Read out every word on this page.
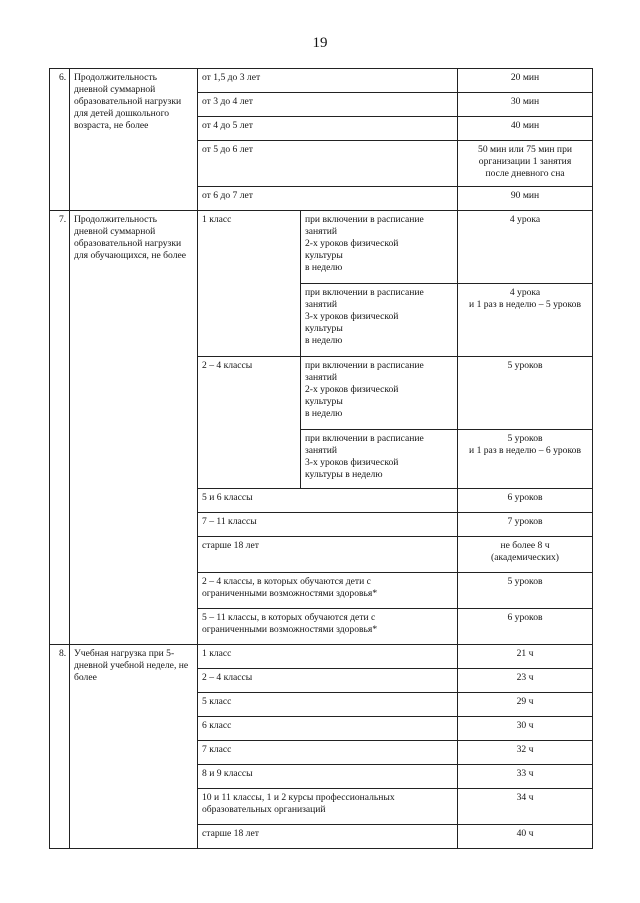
19
6.	Продолжительность дневной суммарной образовательной нагрузки для детей дошкольного возраста, не более	от 1,5 до 3 лет		20 мин
		от 3 до 4 лет		30 мин
		от 4 до 5 лет		40 мин
		от 5 до 6 лет		50 мин или 75 мин при
организации 1 занятия
после дневного сна
		от 6 до 7 лет		90 мин
7.	Продолжительность дневной суммарной образовательной нагрузки для обучающихся, не более	1 класс	при включении в расписание
занятий
2-х уроков физической
культуры
в неделю	4 урока
			при включении в расписание
занятий
3-х уроков физической
культуры
в неделю	4 урока
и 1 раз в неделю – 5 уроков
		2 – 4 классы	при включении в расписание
занятий
2-х уроков физической
культуры
в неделю	5 уроков
			при включении в расписание
занятий
3-х уроков физической
культуры в неделю	5 уроков
и 1 раз в неделю – 6 уроков
		5 и 6 классы		6 уроков
		7 – 11 классы		7 уроков
		старше 18 лет		не более 8 ч
(академических)
		2 – 4 классы, в которых обучаются дети с
ограниченными возможностями здоровья*		5 уроков
		5 – 11 классы, в которых обучаются дети с
ограниченными возможностями здоровья*		6 уроков
8.	Учебная нагрузка при 5-дневной учебной неделе, не более	1 класс		21 ч
		2 – 4 классы		23 ч
		5 класс		29 ч
		6 класс		30 ч
		7 класс		32 ч
		8 и 9 классы		33 ч
		10 и 11 классы, 1 и 2 курсы профессиональных
образовательных организаций		34 ч
		старше 18 лет		40 ч
